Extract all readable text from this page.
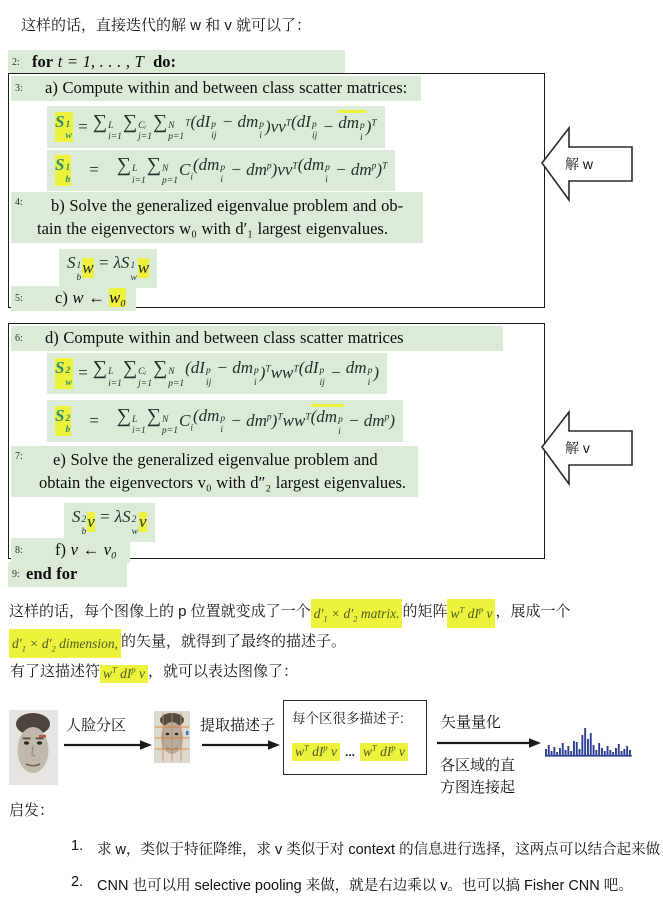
这样的话，直接迭代的解 w 和 v 就可以了：
2: for t = 1, . . . , T do:
3: a) Compute within and between class scatter matrices:
S 1
w
= ∑ L
i=1
∑ Cᵢ
j=1
∑ N
p=1
$^T$ (dI p
ij
− dm p
i
)$vv^T$ (dI p
ij
− dm p
i
)$^T$
S 1
b
= ∑ L
i=1
∑ N
p=1
$C_i$
(dm p
i
− $dm^p$ )$vv^T$ (dm p
i
− $dm^p$ )$^T$
4:	b) Solve the generalized eigenvalue problem and ob-
tain the eigenvectors w₀ with d′₁ largest eigenvalues.
S 1
b
w = λS 1
w
w
5: c) w ← w₀
6: d) Compute within and between class scatter matrices
S 2
w
= ∑ L
i=1
∑ Cᵢ
j=1
∑ N
p=1
(dI p
ij
− dm p
i
)$^T$ $ww^T$ (dI p
ij
− dm p
i
)
S 2
b
= ∑ L
i=1
∑ N
p=1
$C_i$
(dm p
i
− $dm^p$ )$^T$ $ww^T$ (dm p
i
− $dm^p$ )
7:	e) Solve the generalized eigenvalue problem and
obtain the eigenvectors v₀ with d″₂ largest eigenvalues.
S 2
b
v = λS 2
w
v
8: f) v ← v₀
9: end for
解 w
解 v
这样的话，每个图像上的 p 位置就变成了一个 $d'_1 \times d'_2$ matrix. 的矩阵 $w^T$ $dI^p$ v ，展成一个
$d'_1 \times d'_2$ dimension, 的矢量，就得到了最终的描述子。
有了这描述符 $w^T$ $dI^p$ v ，就可以表达图像了：
人脸分区	提取描述子 每个区很多描述子:
$w^T$ $dI^p$ v ... $w^T$ $dI^p$ v
矢量量化
各区域的直
方图连接起
启发：
1. 求 w，类似于特征降维，求 v 类似于对 context 的信息进行选择，这两点可以结合起来做
2. CNN 也可以用 selective pooling 来做，就是右边乘以 v。也可以搞 Fisher CNN 吧。
